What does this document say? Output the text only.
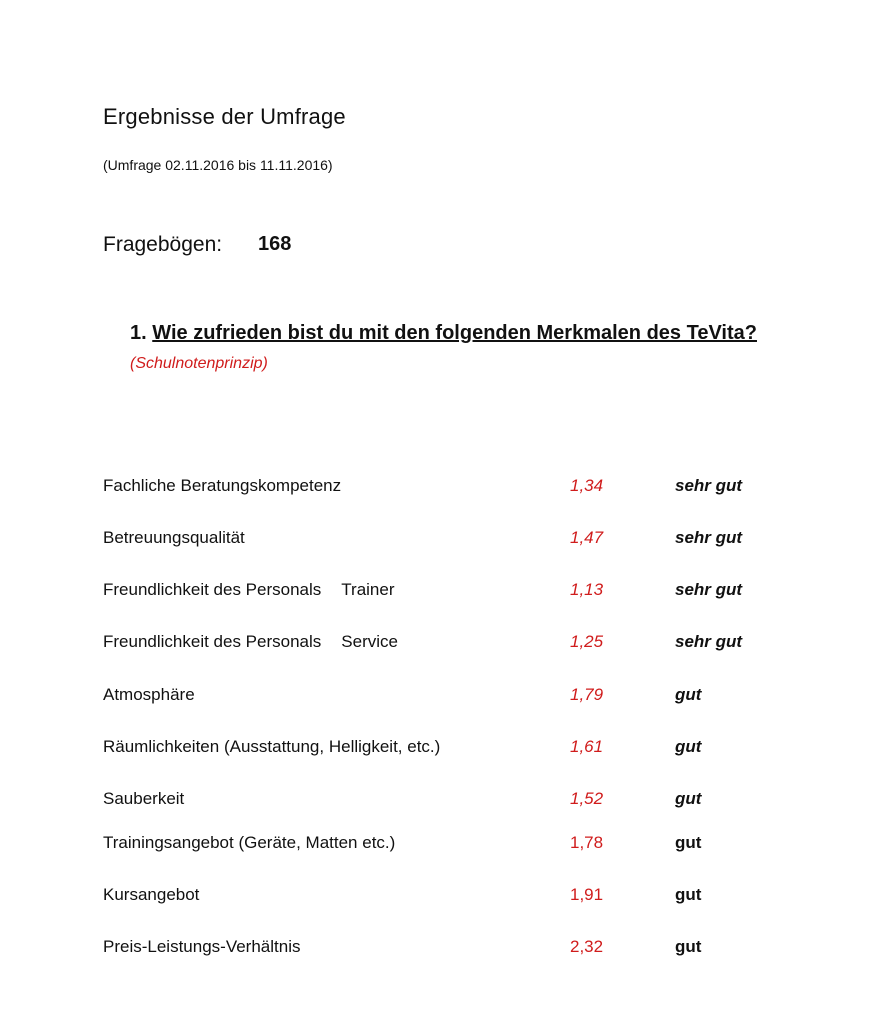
Ergebnisse der Umfrage
(Umfrage 02.11.2016 bis 11.11.2016)
Fragebögen: 168
1. Wie zufrieden bist du mit den folgenden Merkmalen des TeVita? (Schulnotenprinzip)
Fachliche Beratungskompetenz	1,34	sehr gut
Betreuungsqualität	1,47	sehr gut
Freundlichkeit des Personals Trainer	1,13	sehr gut
Freundlichkeit des Personals Service	1,25	sehr gut
Atmosphäre	1,79	gut
Räumlichkeiten (Ausstattung, Helligkeit, etc.)	1,61	gut
Sauberkeit	1,52	gut
Trainingsangebot (Geräte, Matten etc.)	1,78	gut
Kursangebot	1,91	gut
Preis-Leistungs-Verhältnis	2,32	gut
